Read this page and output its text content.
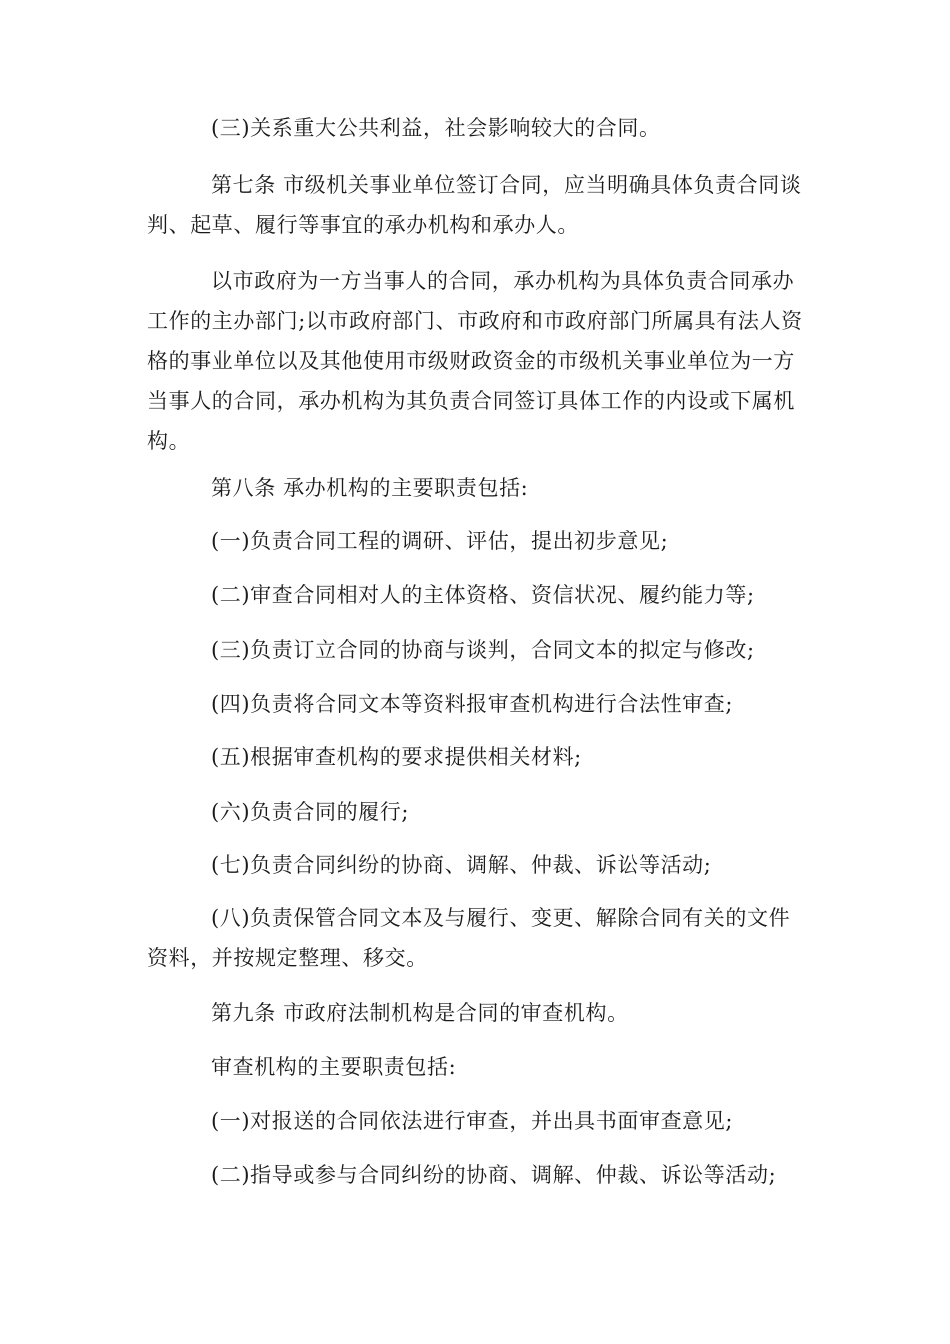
(三)关系重大公共利益，社会影响较大的合同。

第七条 市级机关事业单位签订合同，应当明确具体负责合同谈判、起草、履行等事宜的承办机构和承办人。

以市政府为一方当事人的合同，承办机构为具体负责合同承办工作的主办部门;以市政府部门、市政府和市政府部门所属具有法人资格的事业单位以及其他使用市级财政资金的市级机关事业单位为一方当事人的合同，承办机构为其负责合同签订具体工作的内设或下属机构。

第八条 承办机构的主要职责包括:

(一)负责合同工程的调研、评估，提出初步意见;

(二)审查合同相对人的主体资格、资信状况、履约能力等;

(三)负责订立合同的协商与谈判，合同文本的拟定与修改;

(四)负责将合同文本等资料报审查机构进行合法性审查;

(五)根据审查机构的要求提供相关材料;

(六)负责合同的履行;

(七)负责合同纠纷的协商、调解、仲裁、诉讼等活动;

(八)负责保管合同文本及与履行、变更、解除合同有关的文件资料，并按规定整理、移交。

第九条 市政府法制机构是合同的审查机构。

审查机构的主要职责包括:

(一)对报送的合同依法进行审查，并出具书面审查意见;

(二)指导或参与合同纠纷的协商、调解、仲裁、诉讼等活动;
